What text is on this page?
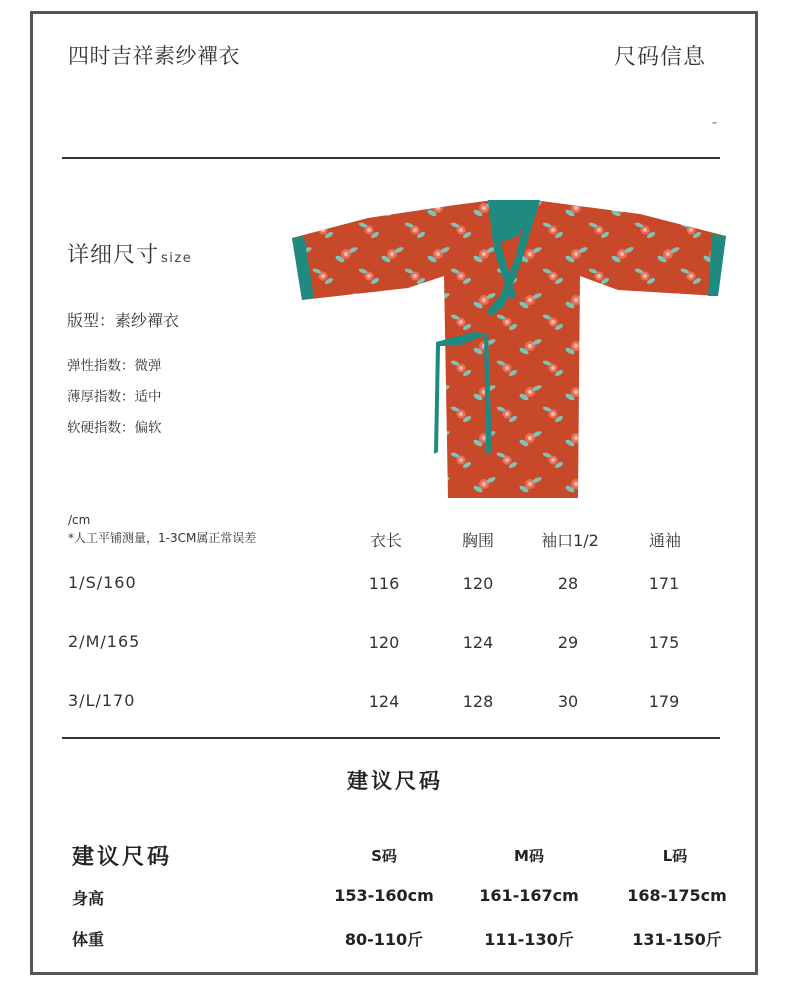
四时吉祥素纱襌衣	尺码信息
-
详细尺寸 size
版型：素纱襌衣
弹性指数：微弹
薄厚指数：适中
软硬指数：偏软
/cm
*人工平铺测量，1-3CM属正常误差	衣长	胸围	袖口1/2	通袖
1/S/160	116	120	28	171
2/M/165	120	124	29	175
3/L/170	124	128	30	179
建议尺码
建议尺码	S码	M码	L码
身高	153-160cm	161-167cm	168-175cm
体重	80-110斤	111-130斤	131-150斤
